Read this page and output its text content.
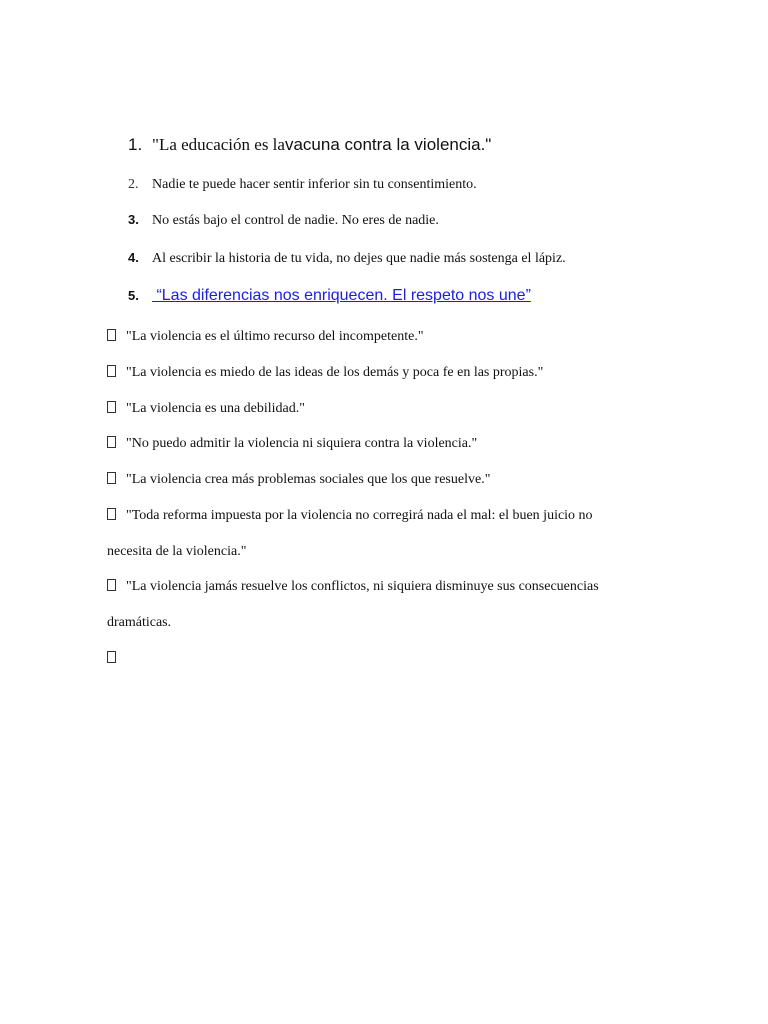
1. "La educación es la vacuna contra la violencia."
2. Nadie te puede hacer sentir inferior sin tu consentimiento.
3. No estás bajo el control de nadie. No eres de nadie.
4. Al escribir la historia de tu vida, no dejes que nadie más sostenga el lápiz.
5. “Las diferencias nos enriquecen. El respeto nos une”
"La violencia es el último recurso del incompetente."
"La violencia es miedo de las ideas de los demás y poca fe en las propias."
"La violencia es una debilidad."
"No puedo admitir la violencia ni siquiera contra la violencia."
"La violencia crea más problemas sociales que los que resuelve."
"Toda reforma impuesta por la violencia no corregirá nada el mal: el buen juicio no
necesita de la violencia."
"La violencia jamás resuelve los conflictos, ni siquiera disminuye sus consecuencias
dramáticas.
